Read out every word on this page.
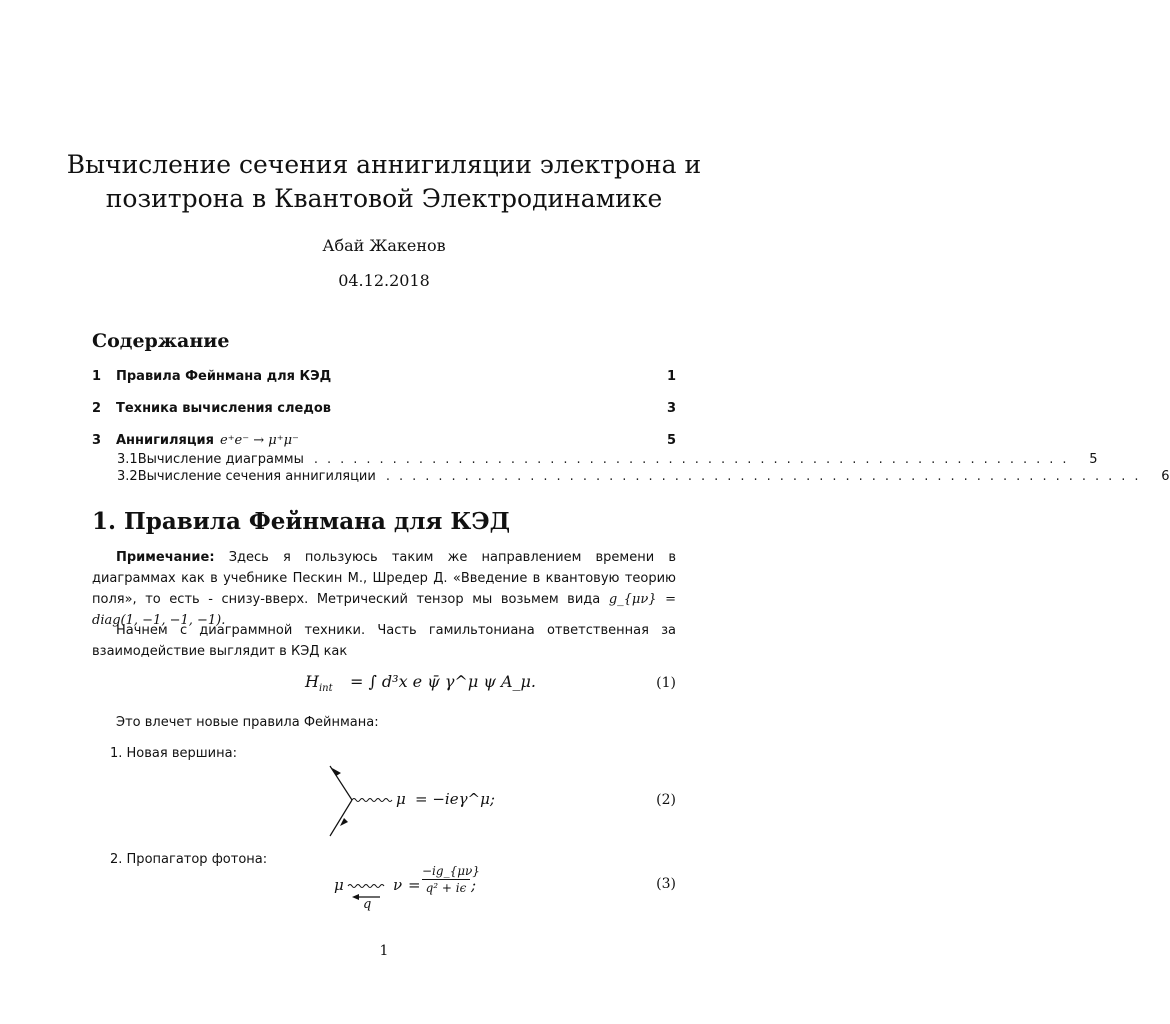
Вычисление сечения аннигиляции электрона и позитрона в Квантовой Электродинамике
Абай Жакенов
04.12.2018
Содержание
1	Правила Фейнмана для КЭД	1
2	Техника вычисления следов	3
3	Аннигиляция e⁺e⁻ → μ⁺μ⁻	5
3.1 Вычисление диаграммы .......................................................... 5
3.2 Вычисление сечения аннигиляции .......................................................... 6
1. Правила Фейнмана для КЭД
Примечание: Здесь я пользуюсь таким же направлением времени в диаграммах как в учебнике Пескин М., Шредер Д. «Введение в квантовую теорию поля», то есть - снизу-вверх. Метрический тензор мы возьмем вида g_{μν} = diag(1, −1, −1, −1).
Начнем с диаграммной техники. Часть гамильтониана ответственная за взаимодействие выглядит в КЭД как
$H_{int}$ = ∫ d³x e ψ̄ γ^μ ψ A_μ.	(1)
Это влечет новые правила Фейнмана:
1. Новая вершина:
μ = −ieγ^μ;	(2)
2. Пропагатор фотона:
μ
q
$\nu = \frac{-ig\_\{\mu\nu\}}{\text{q² + iϵ}}$ ;	(3)
1
